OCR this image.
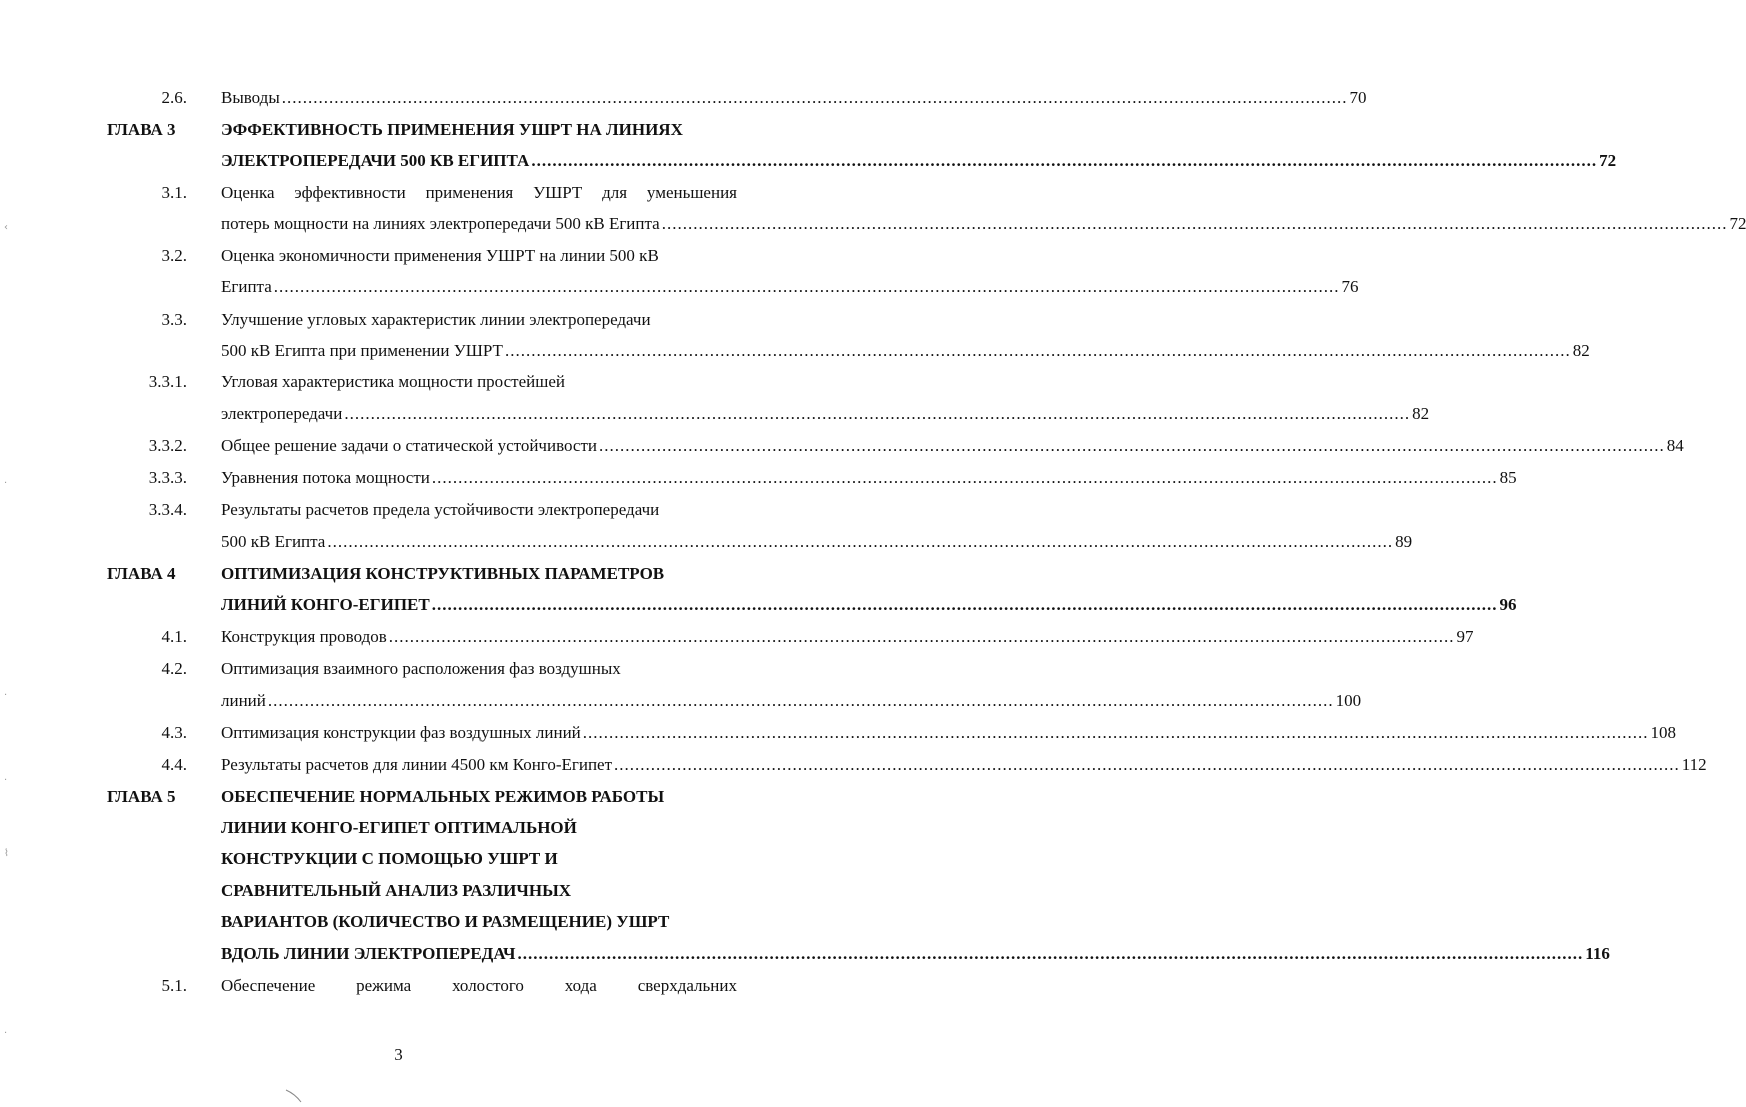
2.6. Выводы ........................................................................................................................................................................................................... 70
ГЛАВА 3	ЭФФЕКТИВНОСТЬ ПРИМЕНЕНИЯ УШРТ НА ЛИНИЯХ
ЭЛЕКТРОПЕРЕДАЧИ 500 КВ ЕГИПТА ........................................................................................................................................................................................................... 72
3.1. Оценка эффективности применения УШРТ для уменьшения
потерь мощности на линиях электропередачи 500 кВ Египта ........................................................................................................................................................................................................... 72
3.2. Оценка экономичности применения УШРТ на линии 500 кВ
Египта ........................................................................................................................................................................................................... 76
3.3. Улучшение угловых характеристик линии электропередачи
500 кВ Египта при применении УШРТ ........................................................................................................................................................................................................... 82
3.3.1. Угловая характеристика мощности простейшей
электропередачи ........................................................................................................................................................................................................... 82
3.3.2. Общее решение задачи о статической устойчивости ........................................................................................................................................................................................................... 84
3.3.3. Уравнения потока мощности ........................................................................................................................................................................................................... 85
3.3.4. Результаты расчетов предела устойчивости электропередачи
500 кВ Египта ........................................................................................................................................................................................................... 89
ГЛАВА 4	ОПТИМИЗАЦИЯ КОНСТРУКТИВНЫХ ПАРАМЕТРОВ
ЛИНИЙ КОНГО-ЕГИПЕТ ........................................................................................................................................................................................................... 96
4.1. Конструкция проводов ........................................................................................................................................................................................................... 97
4.2. Оптимизация взаимного расположения фаз воздушных
линий ........................................................................................................................................................................................................... 100
4.3. Оптимизация конструкции фаз воздушных линий ........................................................................................................................................................................................................... 108
4.4. Результаты расчетов для линии 4500 км Конго-Египет ........................................................................................................................................................................................................... 112
ГЛАВА 5	ОБЕСПЕЧЕНИЕ НОРМАЛЬНЫХ РЕЖИМОВ РАБОТЫ
ЛИНИИ КОНГО-ЕГИПЕТ ОПТИМАЛЬНОЙ
КОНСТРУКЦИИ С ПОМОЩЬЮ УШРТ И
СРАВНИТЕЛЬНЫЙ АНАЛИЗ РАЗЛИЧНЫХ
ВАРИАНТОВ (КОЛИЧЕСТВО И РАЗМЕЩЕНИЕ) УШРТ
ВДОЛЬ ЛИНИИ ЭЛЕКТРОПЕРЕДАЧ ........................................................................................................................................................................................................... 116
5.1. Обеспечение режима холостого хода сверхдальних
3
‹
·
·
·
⌇
·
